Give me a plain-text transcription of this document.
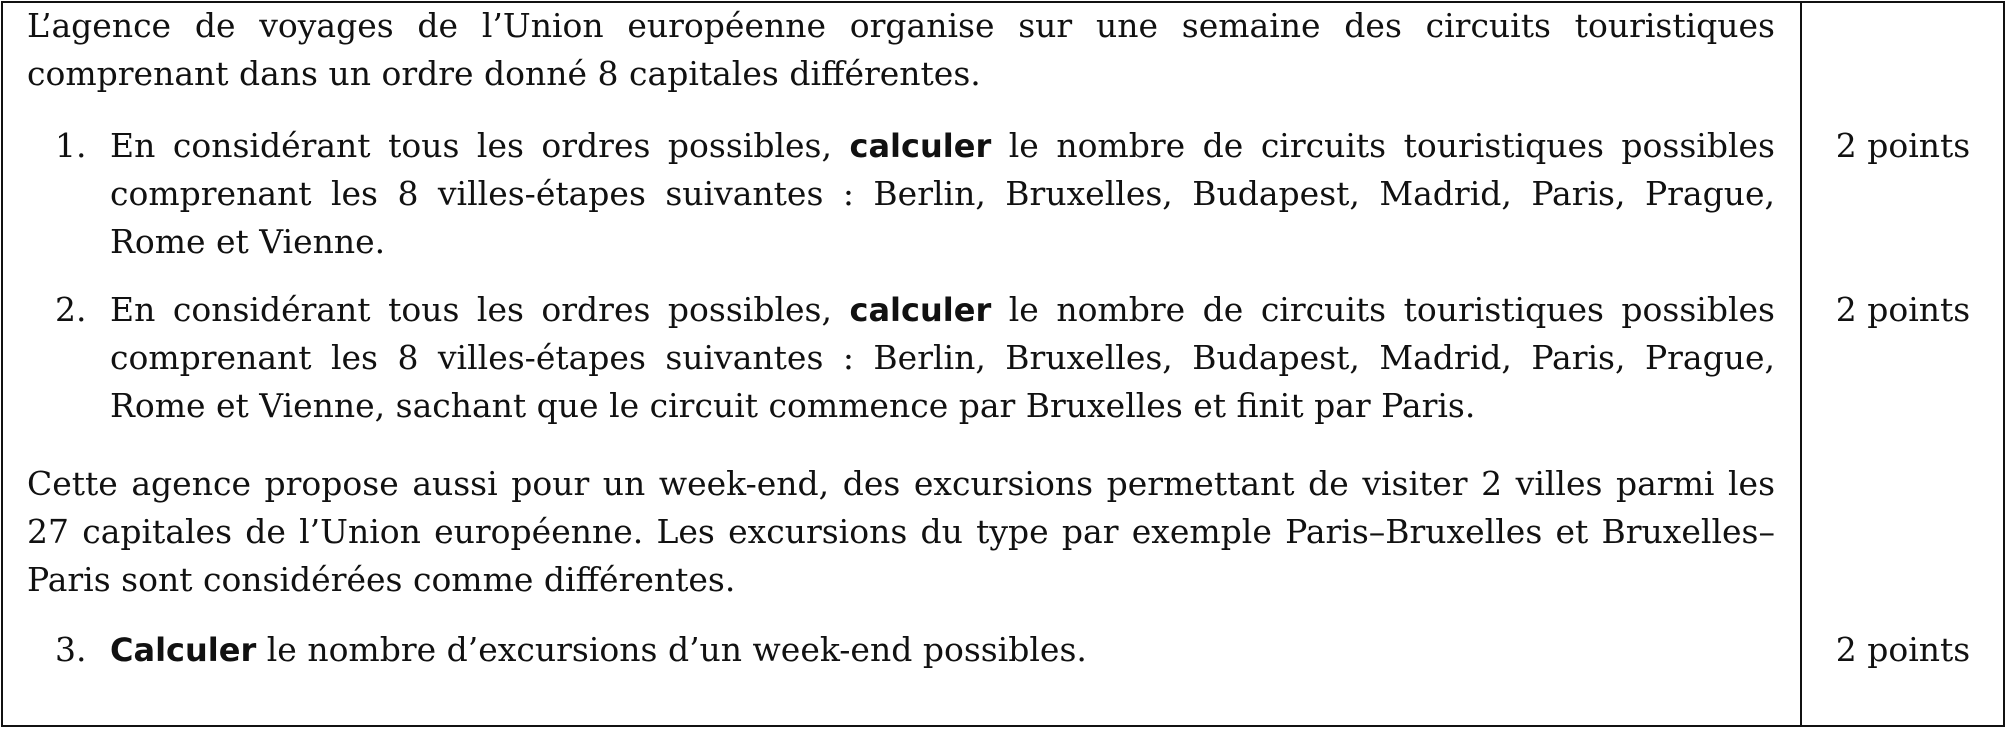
L’agence de voyages de l’Union européenne organise sur une semaine des circuits touristiques comprenant dans un ordre donné 8 capitales différentes.

1. En considérant tous les ordres possibles, calculer le nombre de circuits touristiques possibles comprenant les 8 villes-étapes suivantes : Berlin, Bruxelles, Budapest, Madrid, Paris, Prague, Rome et Vienne.

2 points
2. En considérant tous les ordres possibles, calculer le nombre de circuits touristiques possibles comprenant les 8 villes-étapes suivantes : Berlin, Bruxelles, Budapest, Madrid, Paris, Prague, Rome et Vienne, sachant que le circuit commence par Bruxelles et finit par Paris.

2 points

Cette agence propose aussi pour un week-end, des excursions permettant de visiter 2 villes parmi les 27 capitales de l’Union européenne. Les excursions du type par exemple Paris–Bruxelles et Bruxelles–Paris sont considérées comme différentes.

3. Calculer le nombre d’excursions d’un week-end possibles.	2 points
